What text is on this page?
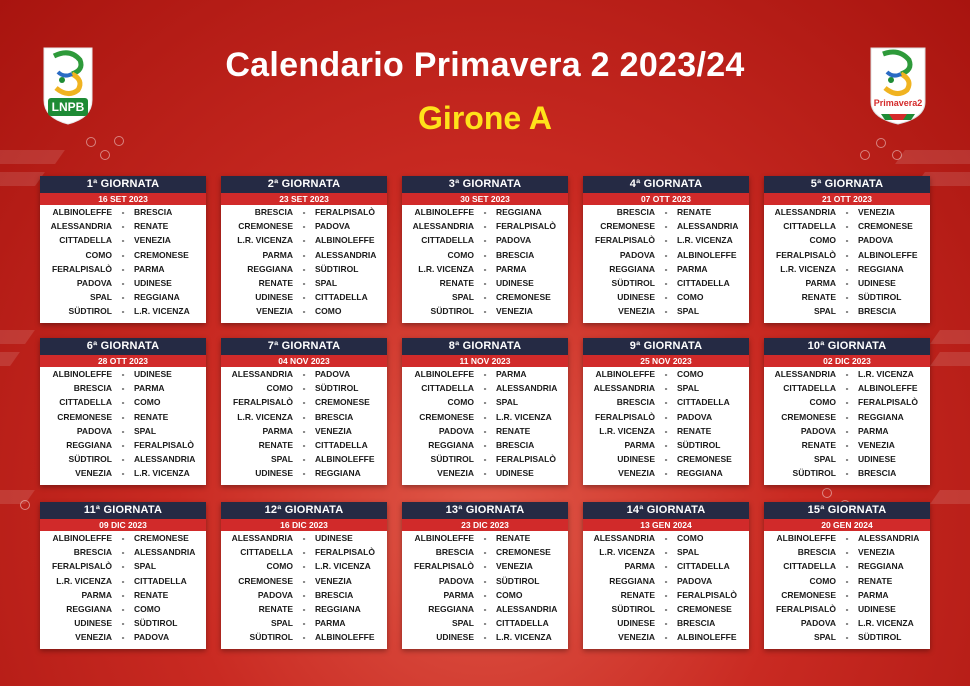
LNPB	Primavera2
Calendario Primavera 2 2023/24
Girone A
1ª GIORNATA
16 SET 2023
ALBINOLEFFE	-	BRESCIA
ALESSANDRIA	-	RENATE
CITTADELLA	-	VENEZIA
COMO	-	CREMONESE
FERALPISALÒ	-	PARMA
PADOVA	-	UDINESE
SPAL	-	REGGIANA
SÜDTIROL	-	L.R. VICENZA
2ª GIORNATA
23 SET 2023
BRESCIA	-	FERALPISALÒ
CREMONESE	-	PADOVA
L.R. VICENZA	-	ALBINOLEFFE
PARMA	-	ALESSANDRIA
REGGIANA	-	SÜDTIROL
RENATE	-	SPAL
UDINESE	-	CITTADELLA
VENEZIA	-	COMO
3ª GIORNATA
30 SET 2023
ALBINOLEFFE	-	REGGIANA
ALESSANDRIA	-	FERALPISALÒ
CITTADELLA	-	PADOVA
COMO	-	BRESCIA
L.R. VICENZA	-	PARMA
RENATE	-	UDINESE
SPAL	-	CREMONESE
SÜDTIROL	-	VENEZIA
4ª GIORNATA
07 OTT 2023
BRESCIA	-	RENATE
CREMONESE	-	ALESSANDRIA
FERALPISALÒ	-	L.R. VICENZA
PADOVA	-	ALBINOLEFFE
REGGIANA	-	PARMA
SÜDTIROL	-	CITTADELLA
UDINESE	-	COMO
VENEZIA	-	SPAL
5ª GIORNATA
21 OTT 2023
ALESSANDRIA	-	VENEZIA
CITTADELLA	-	CREMONESE
COMO	-	PADOVA
FERALPISALÒ	-	ALBINOLEFFE
L.R. VICENZA	-	REGGIANA
PARMA	-	UDINESE
RENATE	-	SÜDTIROL
SPAL	-	BRESCIA
6ª GIORNATA
28 OTT 2023
ALBINOLEFFE	-	UDINESE
BRESCIA	-	PARMA
CITTADELLA	-	COMO
CREMONESE	-	RENATE
PADOVA	-	SPAL
REGGIANA	-	FERALPISALÒ
SÜDTIROL	-	ALESSANDRIA
VENEZIA	-	L.R. VICENZA
7ª GIORNATA
04 NOV 2023
ALESSANDRIA	-	PADOVA
COMO	-	SÜDTIROL
FERALPISALÒ	-	CREMONESE
L.R. VICENZA	-	BRESCIA
PARMA	-	VENEZIA
RENATE	-	CITTADELLA
SPAL	-	ALBINOLEFFE
UDINESE	-	REGGIANA
8ª GIORNATA
11 NOV 2023
ALBINOLEFFE	-	PARMA
CITTADELLA	-	ALESSANDRIA
COMO	-	SPAL
CREMONESE	-	L.R. VICENZA
PADOVA	-	RENATE
REGGIANA	-	BRESCIA
SÜDTIROL	-	FERALPISALÒ
VENEZIA	-	UDINESE
9ª GIORNATA
25 NOV 2023
ALBINOLEFFE	-	COMO
ALESSANDRIA	-	SPAL
BRESCIA	-	CITTADELLA
FERALPISALÒ	-	PADOVA
L.R. VICENZA	-	RENATE
PARMA	-	SÜDTIROL
UDINESE	-	CREMONESE
VENEZIA	-	REGGIANA
10ª GIORNATA
02 DIC 2023
ALESSANDRIA	-	L.R. VICENZA
CITTADELLA	-	ALBINOLEFFE
COMO	-	FERALPISALÒ
CREMONESE	-	REGGIANA
PADOVA	-	PARMA
RENATE	-	VENEZIA
SPAL	-	UDINESE
SÜDTIROL	-	BRESCIA
11ª GIORNATA
09 DIC 2023
ALBINOLEFFE	-	CREMONESE
BRESCIA	-	ALESSANDRIA
FERALPISALÒ	-	SPAL
L.R. VICENZA	-	CITTADELLA
PARMA	-	RENATE
REGGIANA	-	COMO
UDINESE	-	SÜDTIROL
VENEZIA	-	PADOVA
12ª GIORNATA
16 DIC 2023
ALESSANDRIA	-	UDINESE
CITTADELLA	-	FERALPISALÒ
COMO	-	L.R. VICENZA
CREMONESE	-	VENEZIA
PADOVA	-	BRESCIA
RENATE	-	REGGIANA
SPAL	-	PARMA
SÜDTIROL	-	ALBINOLEFFE
13ª GIORNATA
23 DIC 2023
ALBINOLEFFE	-	RENATE
BRESCIA	-	CREMONESE
FERALPISALÒ	-	VENEZIA
PADOVA	-	SÜDTIROL
PARMA	-	COMO
REGGIANA	-	ALESSANDRIA
SPAL	-	CITTADELLA
UDINESE	-	L.R. VICENZA
14ª GIORNATA
13 GEN 2024
ALESSANDRIA	-	COMO
L.R. VICENZA	-	SPAL
PARMA	-	CITTADELLA
REGGIANA	-	PADOVA
RENATE	-	FERALPISALÒ
SÜDTIROL	-	CREMONESE
UDINESE	-	BRESCIA
VENEZIA	-	ALBINOLEFFE
15ª GIORNATA
20 GEN 2024
ALBINOLEFFE	-	ALESSANDRIA
BRESCIA	-	VENEZIA
CITTADELLA	-	REGGIANA
COMO	-	RENATE
CREMONESE	-	PARMA
FERALPISALÒ	-	UDINESE
PADOVA	-	L.R. VICENZA
SPAL	-	SÜDTIROL
